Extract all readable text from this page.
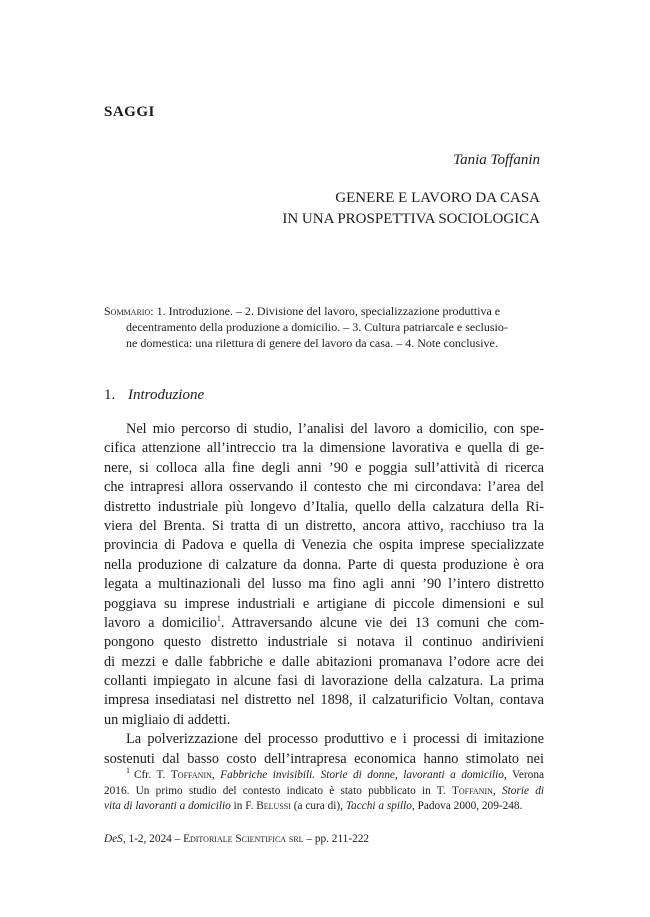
SAGGI
Tania Toffanin
GENERE E LAVORO DA CASA
IN UNA PROSPETTIVA SOCIOLOGICA
Sommario: 1. Introduzione. – 2. Divisione del lavoro, specializzazione produttiva e
decentramento della produzione a domicilio. – 3. Cultura patriarcale e seclusio-
ne domestica: una rilettura di genere del lavoro da casa. – 4. Note conclusive.
1. Introduzione
Nel mio percorso di studio, l’analisi del lavoro a domicilio, con spe-
cifica attenzione all’intreccio tra la dimensione lavorativa e quella di ge-
nere, si colloca alla fine degli anni ’90 e poggia sull’attività di ricerca
che intrapresi allora osservando il contesto che mi circondava: l’area del
distretto industriale più longevo d’Italia, quello della calzatura della Ri-
viera del Brenta. Si tratta di un distretto, ancora attivo, racchiuso tra la
provincia di Padova e quella di Venezia che ospita imprese specializzate
nella produzione di calzature da donna. Parte di questa produzione è ora
legata a multinazionali del lusso ma fino agli anni ’90 l’intero distretto
poggiava su imprese industriali e artigiane di piccole dimensioni e sul
lavoro a domicilio$^1$. Attraversando alcune vie dei 13 comuni che com-
pongono questo distretto industriale si notava il continuo andirivieni
di mezzi e dalle fabbriche e dalle abitazioni promanava l’odore acre dei
collanti impiegato in alcune fasi di lavorazione della calzatura. La prima
impresa insediatasi nel distretto nel 1898, il calzaturificio Voltan, contava
un migliaio di addetti.
La polverizzazione del processo produttivo e i processi di imitazione
sostenuti dal basso costo dell’intrapresa economica hanno stimolato nei
$^1$ Cfr. T. Toffanin, Fabbriche invisibili. Storie di donne, lavoranti a domicilio, Verona
2016. Un primo studio del contesto indicato è stato pubblicato in T. Toffanin, Storie di
vita di lavoranti a domicilio in F. Belussi (a cura di), Tacchi a spillo, Padova 2000, 209-248.
DeS, 1-2, 2024 – Editoriale Scientifica srl – pp. 211-222
